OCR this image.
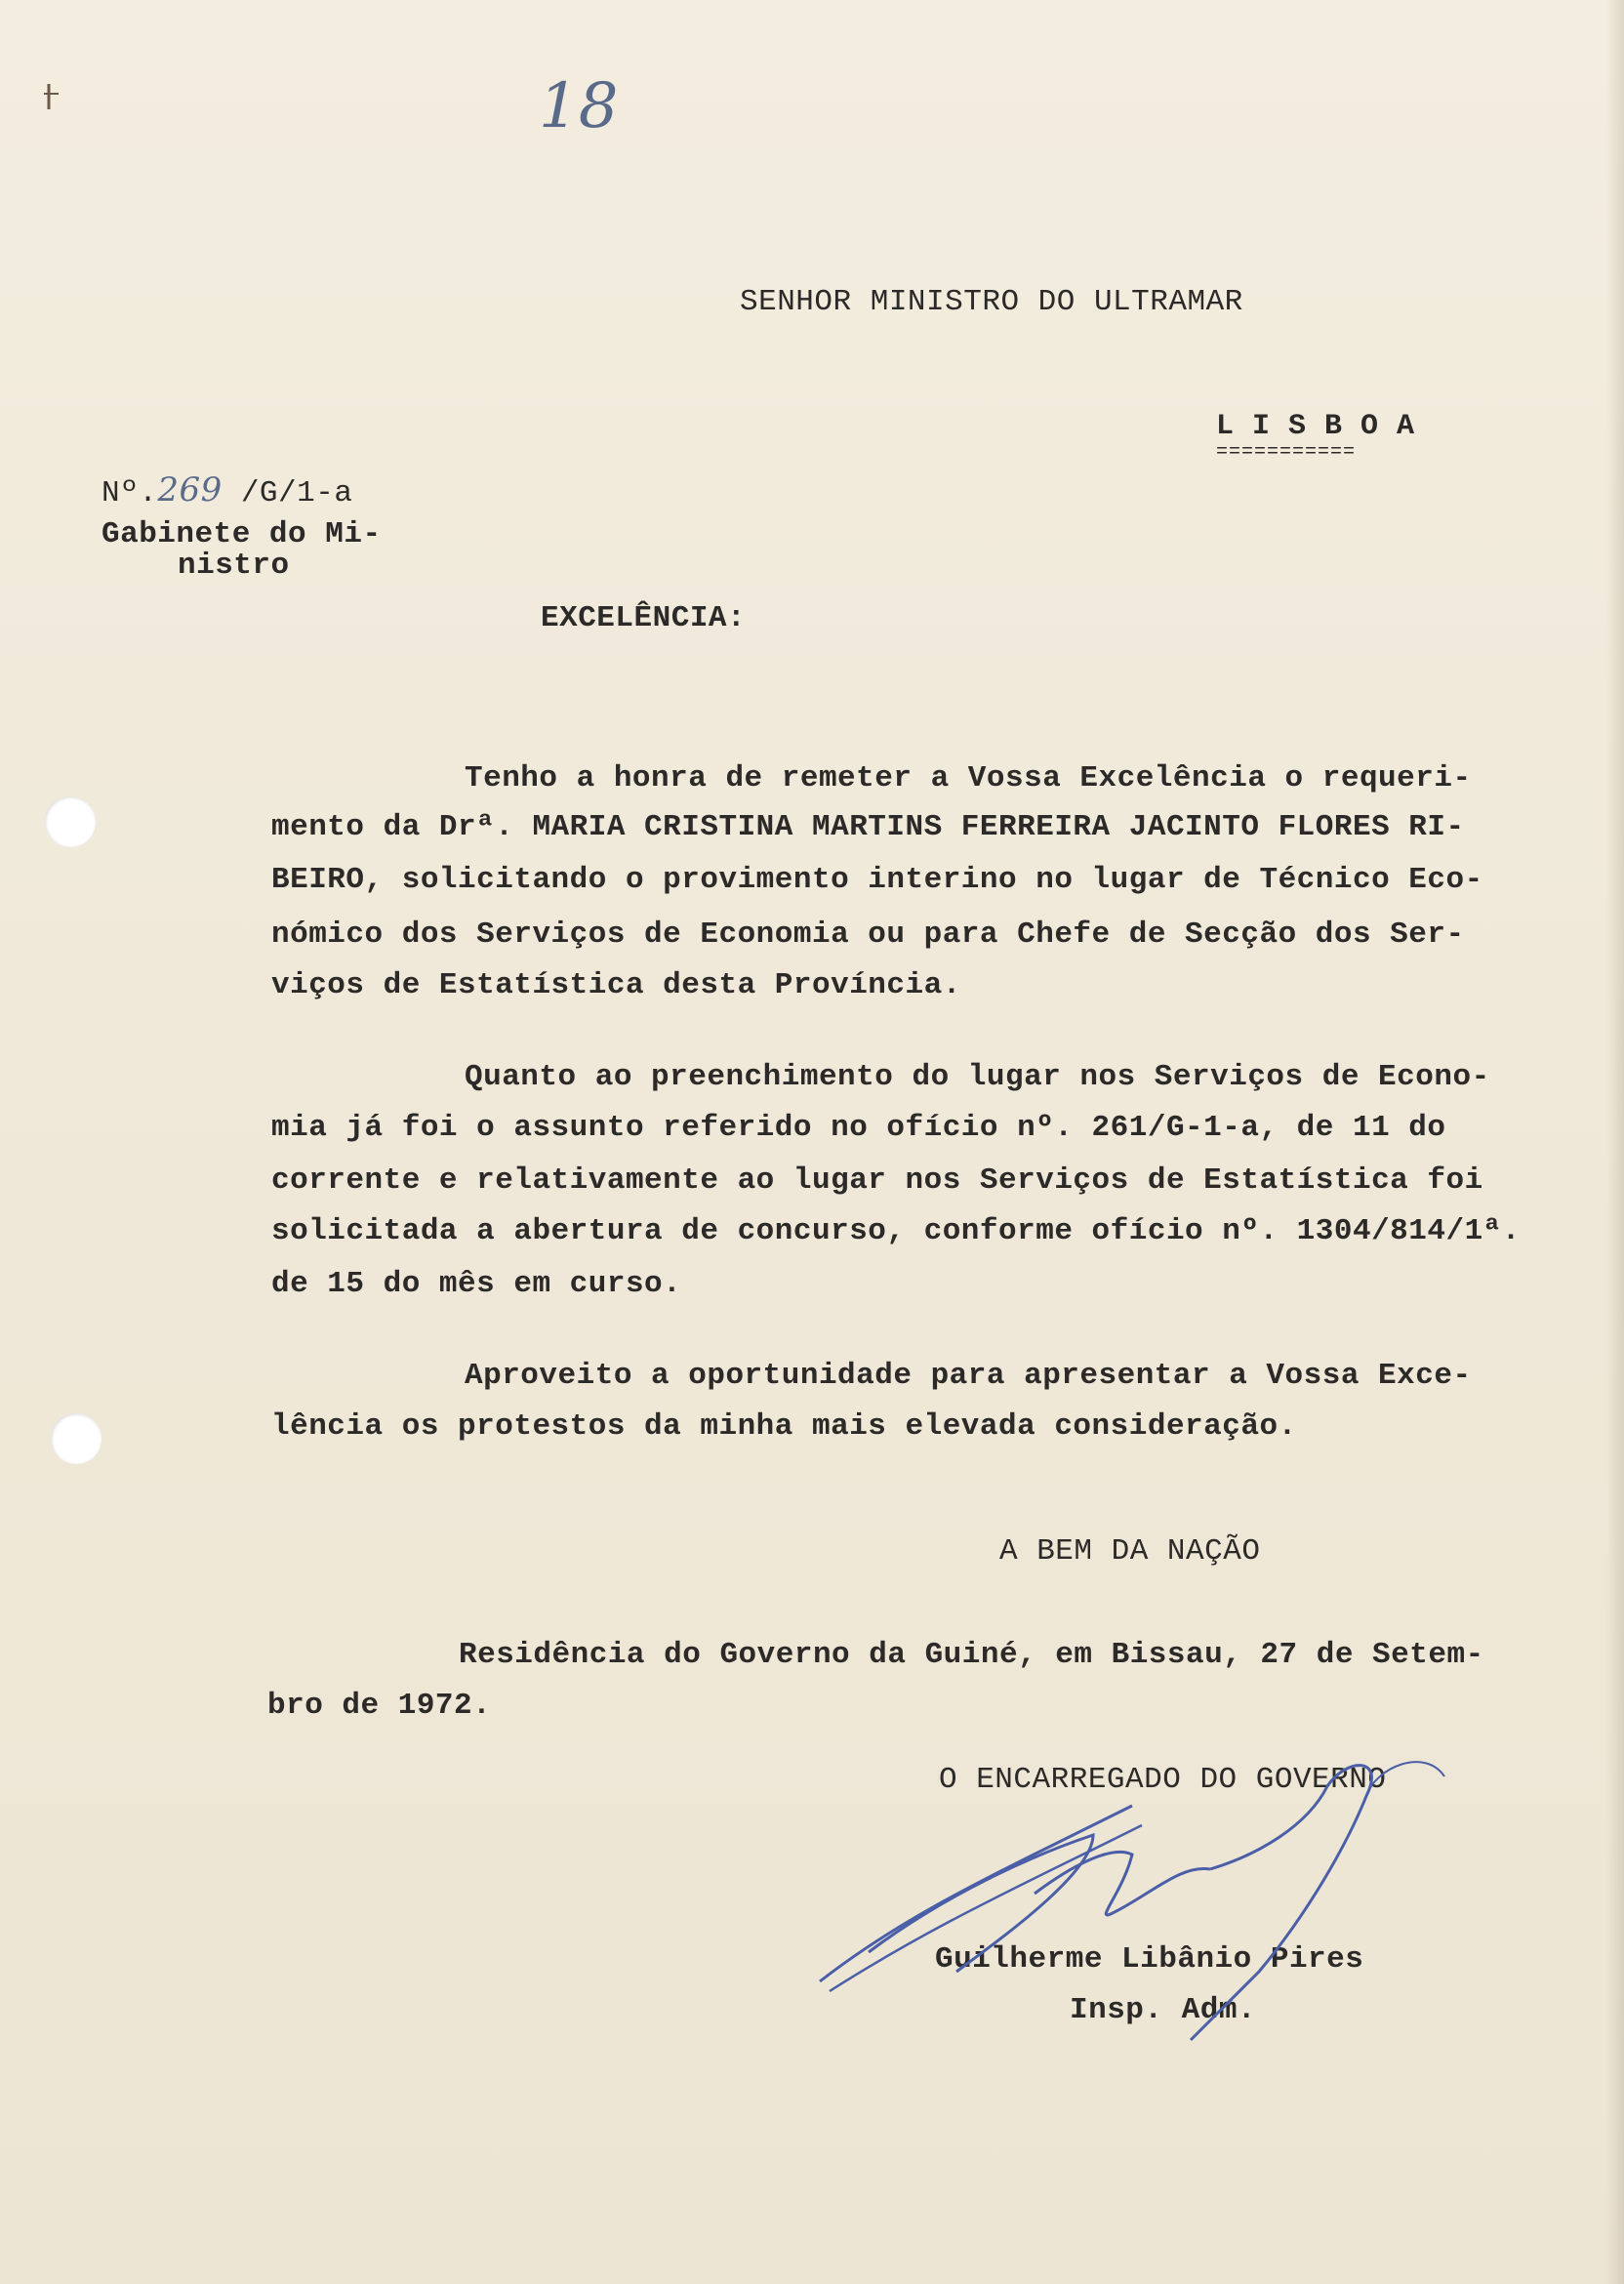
18
SENHOR MINISTRO DO ULTRAMAR
L I S B O A
===========
Nº.269 /G/1-a
Gabinete do Mi-
nistro
EXCELÊNCIA:
Tenho a honra de remeter a Vossa Excelência o requeri-
mento da Drª. MARIA CRISTINA MARTINS FERREIRA JACINTO FLORES RI-
BEIRO, solicitando o provimento interino no lugar de Técnico Eco-
nómico dos Serviços de Economia ou para Chefe de Secção dos Ser-
viços de Estatística desta Província.
Quanto ao preenchimento do lugar nos Serviços de Econo-
mia já foi o assunto referido no ofício nº. 261/G-1-a, de 11 do
corrente e relativamente ao lugar nos Serviços de Estatística foi
solicitada a abertura de concurso, conforme ofício nº. 1304/814/1ª.
de 15 do mês em curso.
Aproveito a oportunidade para apresentar a Vossa Exce-
lência os protestos da minha mais elevada consideração.
A BEM DA NAÇÃO
Residência do Governo da Guiné, em Bissau, 27 de Setem-
bro de 1972.
O ENCARREGADO DO GOVERNO
Guilherme Libânio Pires
Insp. Adm.
